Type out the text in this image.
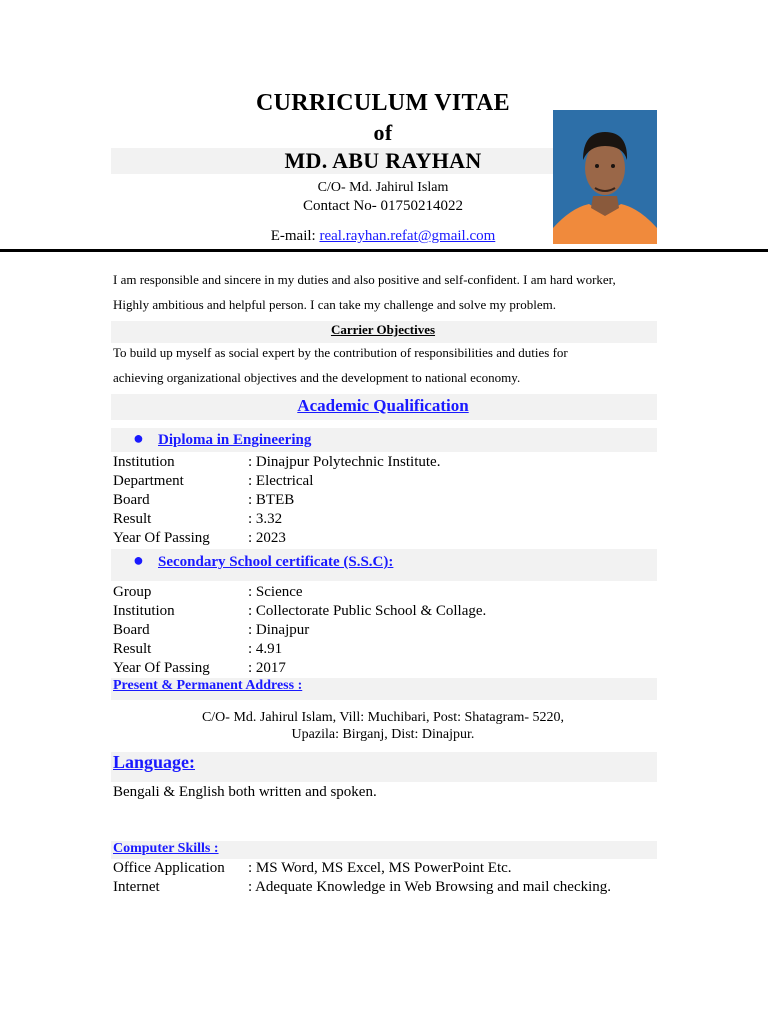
CURRICULUM VITAE
of
MD. ABU RAYHAN
C/O- Md. Jahirul Islam
Contact No- 01750214022
E-mail: real.rayhan.refat@gmail.com
I am responsible and sincere in my duties and also positive and self-confident. I am hard worker,
Highly ambitious and helpful person. I can take my challenge and solve my problem.
Carrier Objectives
To build up myself as social expert by the contribution of responsibilities and duties for
achieving organizational objectives and the development to national economy.
Academic Qualification
● Diploma in Engineering
Institution	: Dinajpur Polytechnic Institute.
Department	: Electrical
Board	: BTEB
Result	: 3.32
Year Of Passing	: 2023
● Secondary School certificate (S.S.C):
Group	: Science
Institution	: Collectorate Public School & Collage.
Board	: Dinajpur
Result	: 4.91
Year Of Passing	: 2017
Present & Permanent Address :
C/O- Md. Jahirul Islam, Vill: Muchibari, Post: Shatagram- 5220,
Upazila: Birganj, Dist: Dinajpur.
Language:
Bengali & English both written and spoken.
Computer Skills :
Office Application : MS Word, MS Excel, MS PowerPoint Etc.
Internet	: Adequate Knowledge in Web Browsing and mail checking.
